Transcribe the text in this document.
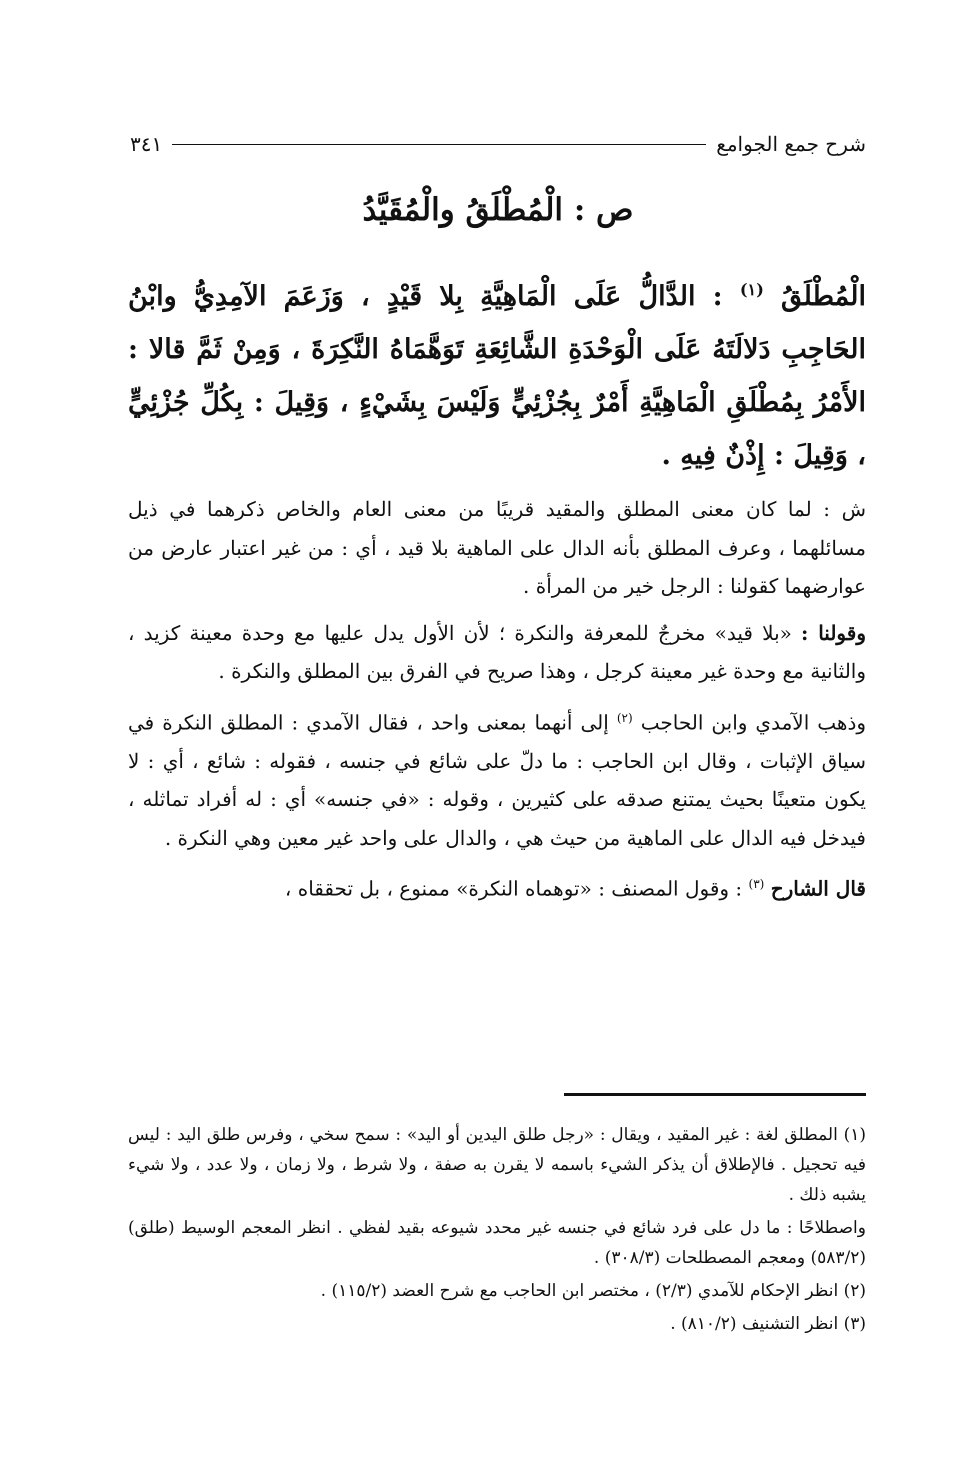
شرح جمع الجوامع
٣٤١
ص : الْمُطْلَقُ والْمُقَيَّدُ
الْمُطْلَقُ $^{(١)}$ : الدَّالُّ عَلَى الْمَاهِيَّةِ بِلا قَيْدٍ ، وَزَعَمَ الآمِدِيُّ وابْنُ الحَاجِبِ دَلالَتَهُ عَلَى الْوَحْدَةِ الشَّائِعَةِ تَوَهَّمَاهُ النَّكِرَةَ ، وَمِنْ ثَمَّ قالا : الأَمْرُ بِمُطْلَقِ الْمَاهِيَّةِ أَمْرٌ بِجُزْئِيٍّ وَلَيْسَ بِشَيْءٍ ، وَقِيلَ : بِكُلِّ جُزْئِيٍّ ، وَقِيلَ : إِذْنٌ فِيهِ .

ش : لما كان معنى المطلق والمقيد قريبًا من معنى العام والخاص ذكرهما في ذيل مسائلهما ، وعرف المطلق بأنه الدال على الماهية بلا قيد ، أي : من غير اعتبار عارض من عوارضهما كقولنا : الرجل خير من المرأة .

وقولنا : «بلا قيد» مخرجٌ للمعرفة والنكرة ؛ لأن الأول يدل عليها مع وحدة معينة كزيد ، والثانية مع وحدة غير معينة كرجل ، وهذا صريح في الفرق بين المطلق والنكرة .

وذهب الآمدي وابن الحاجب $^{(٢)}$ إلى أنهما بمعنى واحد ، فقال الآمدي : المطلق النكرة في سياق الإثبات ، وقال ابن الحاجب : ما دلّ على شائع في جنسه ، فقوله : شائع ، أي : لا يكون متعينًا بحيث يمتنع صدقه على كثيرين ، وقوله : «في جنسه» أي : له أفراد تماثله ، فيدخل فيه الدال على الماهية من حيث هي ، والدال على واحد غير معين وهي النكرة .

قال الشارح $^{(٣)}$ : وقول المصنف : «توهماه النكرة» ممنوع ، بل تحققاه ،

(١) المطلق لغة : غير المقيد ، ويقال : «رجل طلق اليدين أو اليد» : سمح سخي ، وفرس طلق اليد : ليس فيه تحجيل . فالإطلاق أن يذكر الشيء باسمه لا يقرن به صفة ، ولا شرط ، ولا زمان ، ولا عدد ، ولا شيء يشبه ذلك .

واصطلاحًا : ما دل على فرد شائع في جنسه غير محدد شيوعه بقيد لفظي . انظر المعجم الوسيط (طلق) (٥٨٣/٢) ومعجم المصطلحات (٣٠٨/٣) .

(٢) انظر الإحكام للآمدي (٢/٣) ، مختصر ابن الحاجب مع شرح العضد (١١٥/٢) .

(٣) انظر التشنيف (٨١٠/٢) .
